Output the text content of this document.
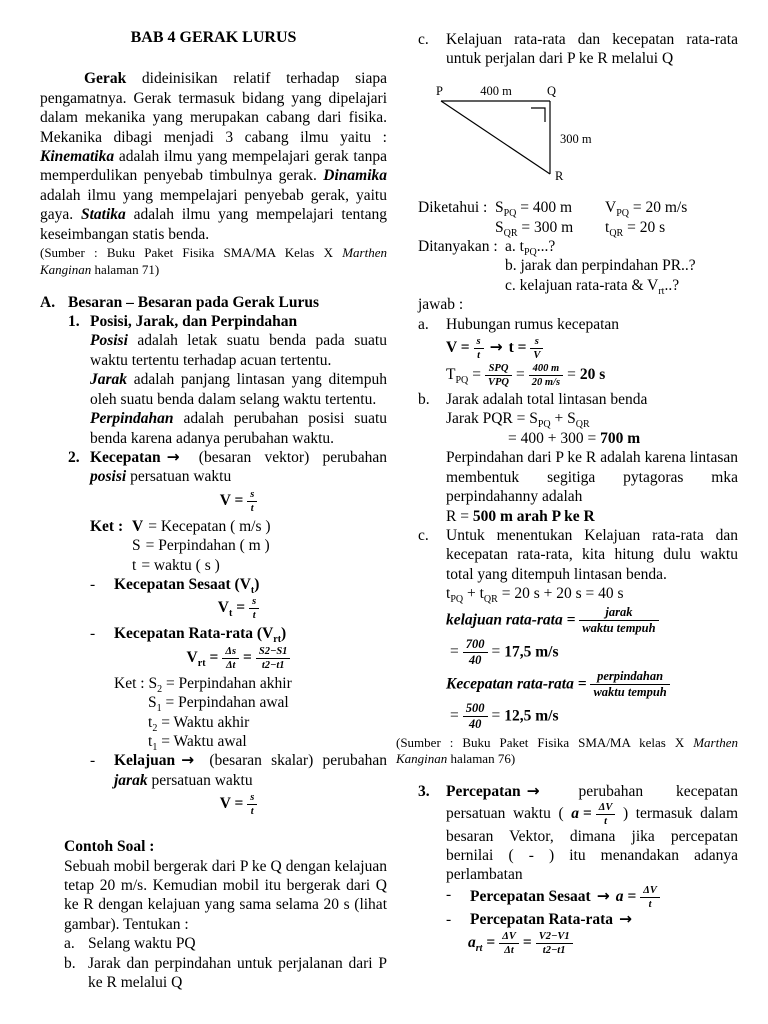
BAB 4 GERAK LURUS

Gerak dideinisikan relatif terhadap siapa pengamatnya. Gerak termasuk bidang yang dipelajari dalam mekanika yang merupakan cabang dari fisika. Mekanika dibagi menjadi 3 cabang ilmu yaitu : Kinematika adalah ilmu yang mempelajari gerak tanpa memperdulikan penyebab timbulnya gerak. Dinamika adalah ilmu yang mempelajari penyebab gerak, yaitu gaya. Statika adalah ilmu yang mempelajari tentang keseimbangan statis benda.

(Sumber : Buku Paket Fisika SMA/MA Kelas X Marthen Kanginan halaman 71)

A. Besaran – Besaran pada Gerak Lurus
1. Posisi, Jarak, dan Perpindahan

Posisi adalah letak suatu benda pada suatu waktu tertentu terhadap acuan tertentu.

Jarak adalah panjang lintasan yang ditempuh oleh suatu benda dalam selang waktu tertentu.

Perpindahan adalah perubahan posisi suatu benda karena adanya perubahan waktu.

2. Kecepatan → (besaran vektor) perubahan posisi persatuan waktu
$V = \frac{s}{t}$
Ket : V = Kecepatan ( m/s )
S = Perpindahan ( m )
t = waktu ( s )
-	Kecepatan Sesaat $(V_t)$
$V_t = \frac{s}{t}$
-	Kecepatan Rata-rata $(V_{rt})$
$V_{rt} = \frac{\Delta s}{\Delta t} = \frac{S2-S1}{t2-t1}$
Ket : $S_2$ = Perpindahan akhir
$S_1$ = Perpindahan awal
$t_2$ = Waktu akhir
$t_1$ = Waktu awal
-	Kelajuan → (besaran skalar) perubahan jarak persatuan waktu
$V = \frac{s}{t}$

Contoh Soal :

Sebuah mobil bergerak dari P ke Q dengan kelajuan tetap 20 m/s. Kemudian mobil itu bergerak dari Q ke R dengan kelajuan yang sama selama 20 s (lihat gambar). Tentukan :

a. Selang waktu PQ
b. Jarak dan perpindahan untuk perjalanan dari P ke R melalui Q
c.	Kelajuan rata-rata dan kecepatan rata-rata untuk perjalan dari P ke R melalui Q
P	400 m	Q
300 m
R
Diketahui : $S_{PQ} = 400$ m	$V_{PQ} = 20$ m/s
$S_{QR} = 300$ m	$t_{QR} = 20$ s
Ditanyakan : a. $t_{PQ}$...?
b. jarak dan perpindahan PR..?
c. kelajuan rata-rata & $V_{rt}$..?
jawab :
a.	Hubungan rumus kecepatan
$V = \frac{s}{t} \to t = \frac{s}{V}$
$T_{PQ} = \frac{\text{SPQ}}{\text{VPQ}} = \frac{400 m}{20 m/s} = 20$ s
b.	Jarak adalah total lintasan benda
Jarak PQR = $S_{PQ} + S_{QR}$
= 400 + 300 = 700 m
Perpindahan dari P ke R adalah karena lintasan membentuk segitiga pytagoras mka perpindahanny adalah
R = 500 m arah P ke R
c.	Untuk menentukan Kelajuan rata-rata dan kecepatan rata-rata, kita hitung dulu waktu total yang ditempuh lintasan benda.
$t_{PQ} + t_{QR} = 20$ s + 20 s = 40 s
kelajuan rata-rata = $\frac{\text{jarak}}{\text{waktu tempuh}}$
= $\frac{700}{40} = 17,5$ m/s
Kecepatan rata-rata = $\frac{\text{perpindahan}}{\text{waktu tempuh}}$
= $\frac{500}{40} = 12,5$ m/s

(Sumber : Buku Paket Fisika SMA/MA kelas X Marthen Kanginan halaman 76)

3.	Percepatan → perubahan kecepatan persatuan waktu ( $a = \frac{\Delta V}{t}$ ) termasuk dalam besaran Vektor, dimana jika percepatan bernilai ( - ) itu menandakan adanya perlambatan
-	Percepatan Sesaat → $a = \frac{\Delta V}{t}$
-	Percepatan Rata-rata →
$a_{rt} = \frac{\Delta V}{\Delta t} = \frac{V2-V1}{t2-t1}$
